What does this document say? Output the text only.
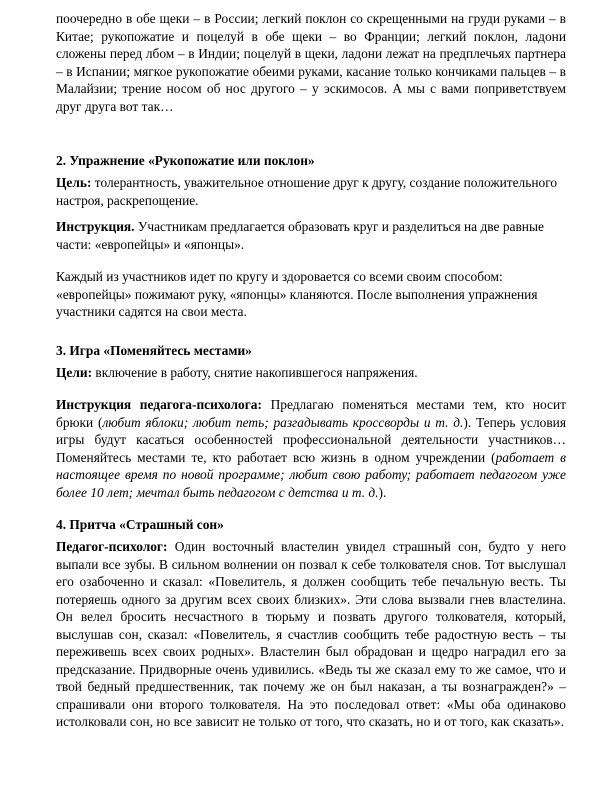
поочередно в обе щеки – в России; легкий поклон со скрещенными на груди руками – в Китае; рукопожатие и поцелуй в обе щеки – во Франции; легкий поклон, ладони сложены перед лбом – в Индии; поцелуй в щеки, ладони лежат на предплечьях партнера – в Испании; мягкое рукопожатие обеими руками, касание только кончиками пальцев – в Малайзии; трение носом об нос другого – у эскимосов. А мы с вами поприветствуем друг друга вот так…

2. Упражнение «Рукопожатие или поклон»

Цель: толерантность, уважительное отношение друг к другу, создание положительного настроя, раскрепощение.

Инструкция. Участникам предлагается образовать круг и разделиться на две равные части: «европейцы» и «японцы».

Каждый из участников идет по кругу и здоровается со всеми своим способом: «европейцы» пожимают руку, «японцы» кланяются. После выполнения упражнения участники садятся на свои места.

3. Игра «Поменяйтесь местами»

Цели: включение в работу, снятие накопившегося напряжения.

Инструкция педагога-психолога: Предлагаю поменяться местами тем, кто носит брюки (любит яблоки; любит петь; разгадывать кроссворды и т. д.). Теперь условия игры будут касаться особенностей профессиональной деятельности участников… Поменяйтесь местами те, кто работает всю жизнь в одном учреждении (работает в настоящее время по новой программе; любит свою работу; работает педагогом уже более 10 лет; мечтал быть педагогом с детства и т. д.).

4. Притча «Страшный сон»

Педагог-психолог: Один восточный властелин увидел страшный сон, будто у него выпали все зубы. В сильном волнении он позвал к себе толкователя снов. Тот выслушал его озабоченно и сказал: «Повелитель, я должен сообщить тебе печальную весть. Ты потеряешь одного за другим всех своих близких». Эти слова вызвали гнев властелина. Он велел бросить несчастного в тюрьму и позвать другого толкователя, который, выслушав сон, сказал: «Повелитель, я счастлив сообщить тебе радостную весть – ты переживешь всех своих родных». Властелин был обрадован и щедро наградил его за предсказание. Придворные очень удивились. «Ведь ты же сказал ему то же самое, что и твой бедный предшественник, так почему же он был наказан, а ты вознагражден?» – спрашивали они второго толкователя. На это последовал ответ: «Мы оба одинаково истолковали сон, но все зависит не только от того, что сказать, но и от того, как сказать».
